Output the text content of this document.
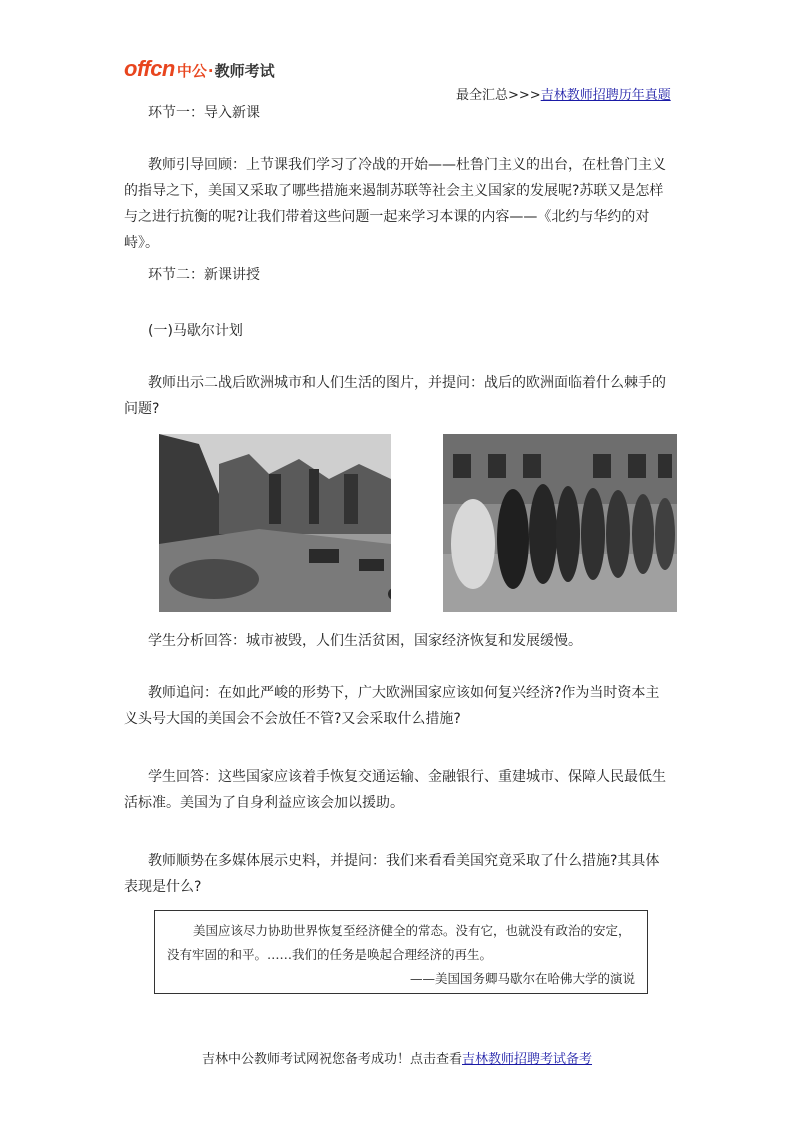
offcn 中公 · 教师考试
最全汇总>>>吉林教师招聘历年真题

环节一：导入新课

教师引导回顾：上节课我们学习了冷战的开始——杜鲁门主义的出台，在杜鲁门主义的指导之下，美国又采取了哪些措施来遏制苏联等社会主义国家的发展呢?苏联又是怎样与之进行抗衡的呢?让我们带着这些问题一起来学习本课的内容——《北约与华约的对峙》。

环节二：新课讲授

(一)马歇尔计划

教师出示二战后欧洲城市和人们生活的图片，并提问：战后的欧洲面临着什么棘手的问题?

学生分析回答：城市被毁，人们生活贫困，国家经济恢复和发展缓慢。

教师追问：在如此严峻的形势下，广大欧洲国家应该如何复兴经济?作为当时资本主义头号大国的美国会不会放任不管?又会采取什么措施?

学生回答：这些国家应该着手恢复交通运输、金融银行、重建城市、保障人民最低生活标准。美国为了自身利益应该会加以援助。

教师顺势在多媒体展示史料，并提问：我们来看看美国究竟采取了什么措施?其具体表现是什么?

美国应该尽力协助世界恢复至经济健全的常态。没有它，也就没有政治的安定，没有牢固的和平。……我们的任务是唤起合理经济的再生。
——美国国务卿马歇尔在哈佛大学的演说
吉林中公教师考试网祝您备考成功！点击查看吉林教师招聘考试备考
